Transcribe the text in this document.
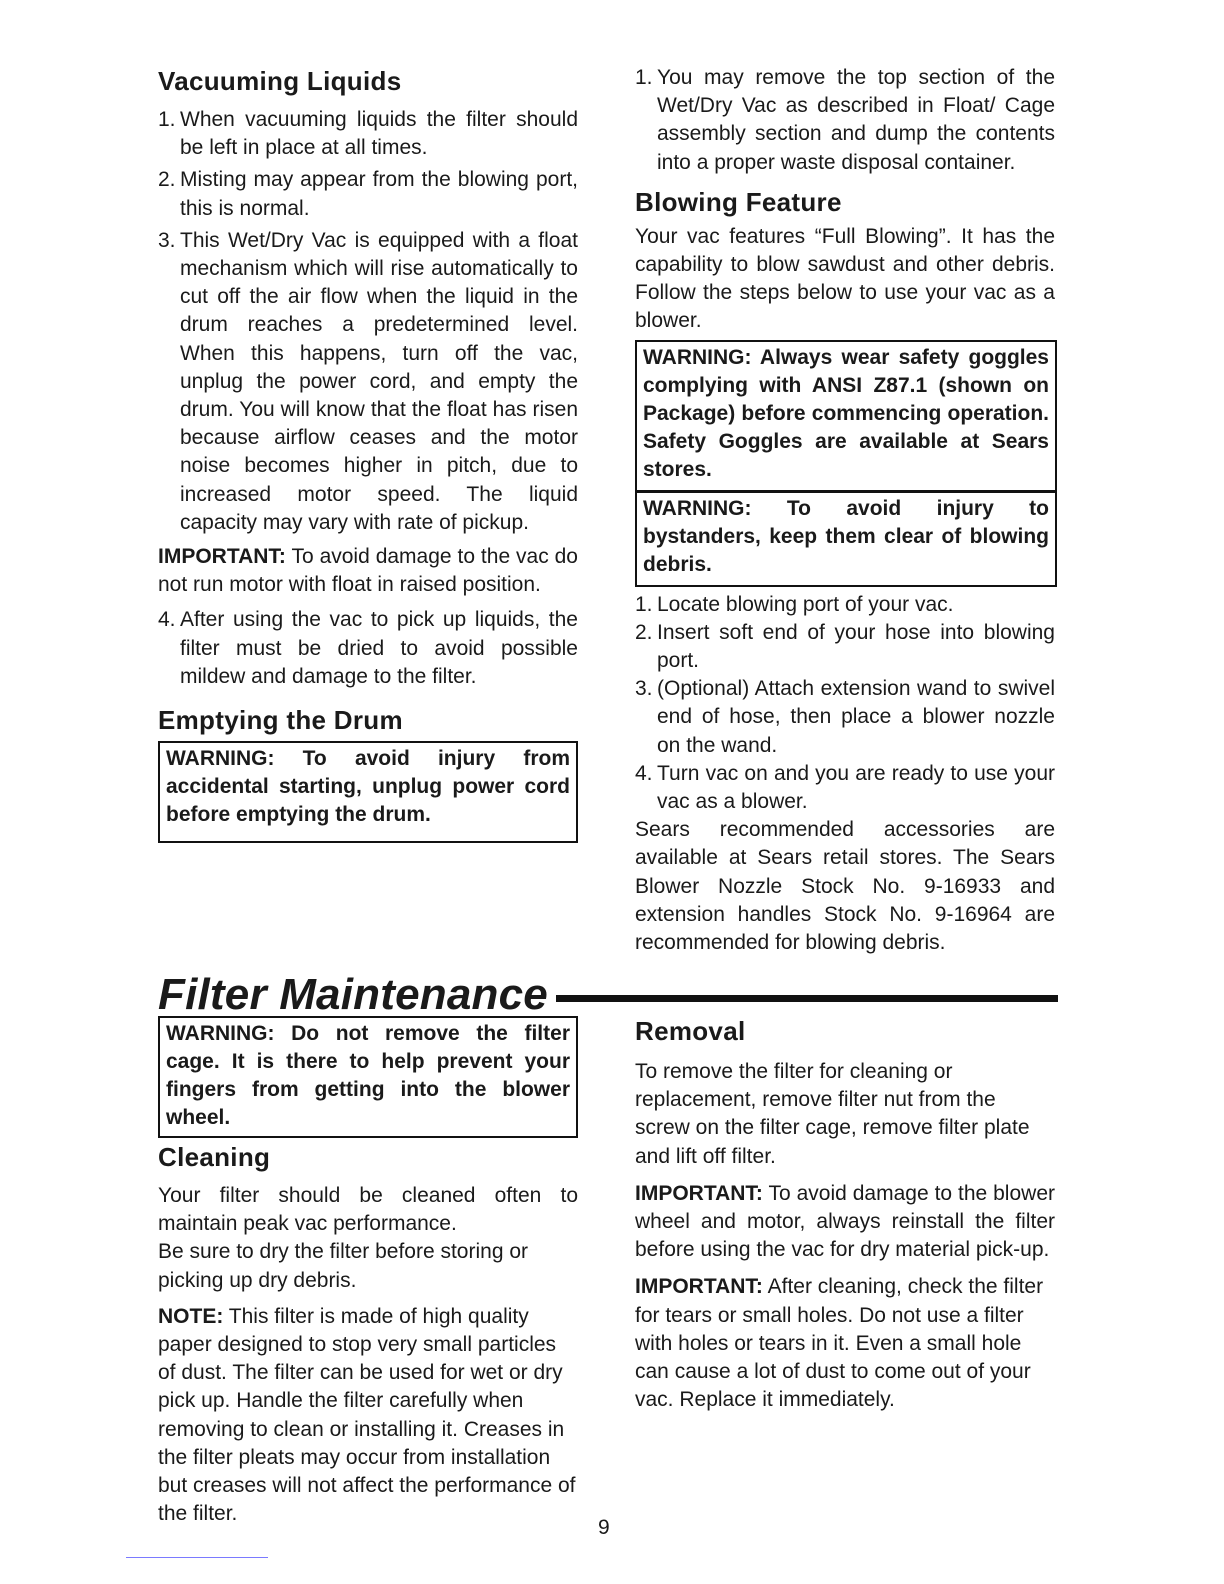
Vacuuming Liquids
1. When vacuuming liquids the filter should be left in place at all times.
2. Misting may appear from the blowing port, this is normal.
3. This Wet/Dry Vac is equipped with a float mechanism which will rise automatically to cut off the air flow when the liquid in the drum reaches a predetermined level. When this happens, turn off the vac, unplug the power cord, and empty the drum. You will know that the float has risen because airflow ceases and the motor noise becomes higher in pitch, due to increased motor speed. The liquid capacity may vary with rate of pickup.

IMPORTANT: To avoid damage to the vac do not run motor with float in raised position.

4. After using the vac to pick up liquids, the filter must be dried to avoid possible mildew and damage to the filter.
Emptying the Drum
WARNING: To avoid injury from accidental starting, unplug power cord before emptying the drum.
1. You may remove the top section of the Wet/Dry Vac as described in Float/ Cage assembly section and dump the contents into a proper waste disposal container.
Blowing Feature

Your vac features “Full Blowing”. It has the capability to blow sawdust and other debris. Follow the steps below to use your vac as a blower.

WARNING: Always wear safety goggles complying with ANSI Z87.1 (shown on Package) before commencing operation. Safety Goggles are available at Sears stores.
WARNING: To avoid injury to bystanders, keep them clear of blowing debris.
1. Locate blowing port of your vac.
2. Insert soft end of your hose into blowing port.
3. (Optional) Attach extension wand to swivel end of hose, then place a blower nozzle on the wand.
4. Turn vac on and you are ready to use your vac as a blower.

Sears recommended accessories are available at Sears retail stores. The Sears Blower Nozzle Stock No. 9-16933 and extension handles Stock No. 9-16964 are recommended for blowing debris.

Filter Maintenance
WARNING: Do not remove the filter cage. It is there to help prevent your fingers from getting into the blower wheel.
Cleaning

Your filter should be cleaned often to maintain peak vac performance.

Be sure to dry the filter before storing or picking up dry debris.

NOTE: This filter is made of high quality paper designed to stop very small particles of dust. The filter can be used for wet or dry pick up. Handle the filter carefully when removing to clean or installing it. Creases in the filter pleats may occur from installation but creases will not affect the performance of the filter.

Removal

To remove the filter for cleaning or replacement, remove filter nut from the screw on the filter cage, remove filter plate and lift off filter.

IMPORTANT: To avoid damage to the blower wheel and motor, always reinstall the filter before using the vac for dry material pick-up.

IMPORTANT: After cleaning, check the filter for tears or small holes. Do not use a filter with holes or tears in it. Even a small hole can cause a lot of dust to come out of your vac. Replace it immediately.

9
